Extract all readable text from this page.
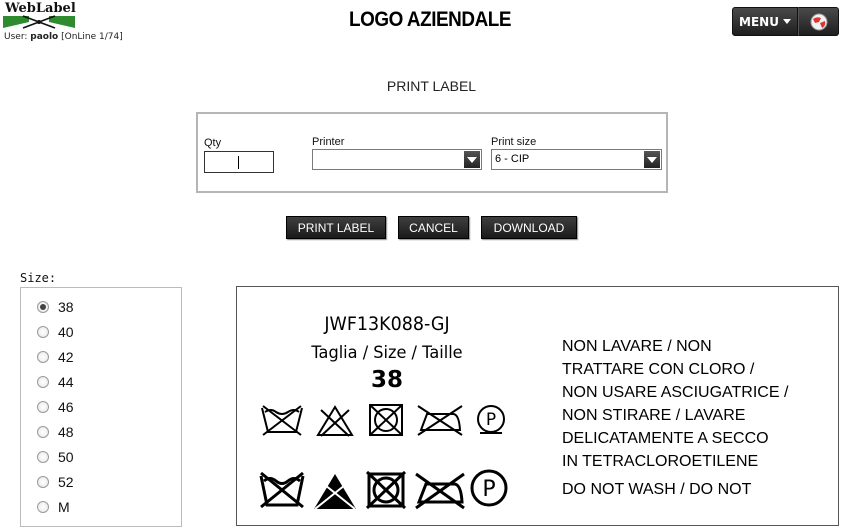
WebLabel
User: paolo [OnLine 1/74]
LOGO AZIENDALE	MENU
PRINT LABEL
Qty	Printer	Print size
6 - CIP
PRINT LABEL	CANCEL	DOWNLOAD
Size:
38
40
42
44
46
48
50
52
M
JWF13K088-GJ
Taglia / Size / Taille
38
P
P
NON LAVARE / NON
TRATTARE CON CLORO /
NON USARE ASCIUGATRICE /
NON STIRARE / LAVARE
DELICATAMENTE A SECCO
IN TETRACLOROETILENE
DO NOT WASH / DO NOT
